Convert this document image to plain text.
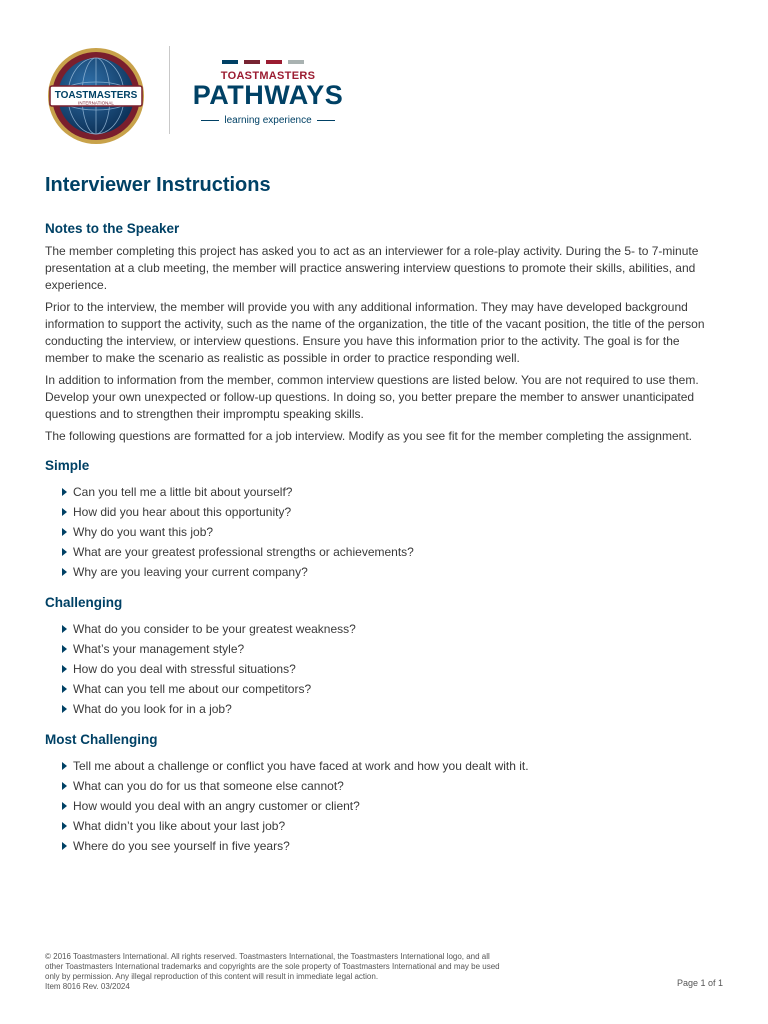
TOASTMASTERS
INTERNATIONAL
TOASTMASTERS
PATHWAYS
learning experience
Interviewer Instructions
Notes to the Speaker

The member completing this project has asked you to act as an interviewer for a role-play activity. During the 5- to 7-minute presentation at a club meeting, the member will practice answering interview questions to promote their skills, abilities, and experience.

Prior to the interview, the member will provide you with any additional information. They may have developed background information to support the activity, such as the name of the organization, the title of the vacant position, the title of the person conducting the interview, or interview questions. Ensure you have this information prior to the activity. The goal is for the member to make the scenario as realistic as possible in order to practice responding well.

In addition to information from the member, common interview questions are listed below. You are not required to use them. Develop your own unexpected or follow-up questions. In doing so, you better prepare the member to answer unanticipated questions and to strengthen their impromptu speaking skills.

The following questions are formatted for a job interview. Modify as you see fit for the member completing the assignment.

Simple
Can you tell me a little bit about yourself?
How did you hear about this opportunity?
Why do you want this job?
What are your greatest professional strengths or achievements?
Why are you leaving your current company?
Challenging
What do you consider to be your greatest weakness?
What’s your management style?
How do you deal with stressful situations?
What can you tell me about our competitors?
What do you look for in a job?
Most Challenging
Tell me about a challenge or conflict you have faced at work and how you dealt with it.
What can you do for us that someone else cannot?
How would you deal with an angry customer or client?
What didn’t you like about your last job?
Where do you see yourself in five years?
© 2016 Toastmasters International. All rights reserved. Toastmasters International, the Toastmasters International logo, and all
other Toastmasters International trademarks and copyrights are the sole property of Toastmasters International and may be used
only by permission. Any illegal reproduction of this content will result in immediate legal action.
Item 8016 Rev. 03/2024	Page 1 of 1
